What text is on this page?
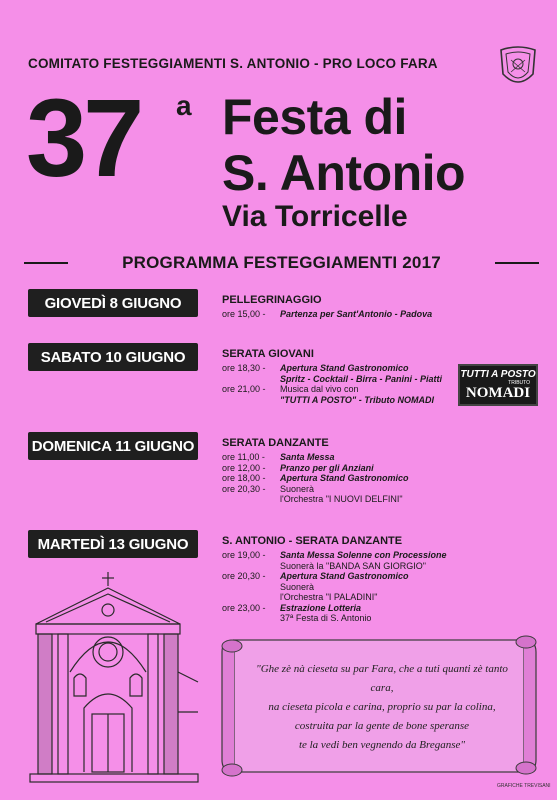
COMITATO FESTEGGIAMENTI S. ANTONIO - PRO LOCO FARA
37 a Festa di
S. Antonio
Via Torricelle
PROGRAMMA FESTEGGIAMENTI 2017
GIOVEDÌ 8 GIUGNO	PELLEGRINAGGIO
ore 15,00 -	Partenza per Sant'Antonio - Padova
SABATO 10 GIUGNO	SERATA GIOVANI
ore 18,30 -	Apertura Stand Gastronomico
Spritz - Cocktail - Birra - Panini - Piatti
ore 21,00 -	Musica dal vivo con
"TUTTI A POSTO" - Tributo NOMADI
TUTTI A POSTO
TRIBUTO
NOMADI
DOMENICA 11 GIUGNO	SERATA DANZANTE
ore 11,00 -	Santa Messa
ore 12,00 -	Pranzo per gli Anziani
ore 18,00 -	Apertura Stand Gastronomico
ore 20,30 -	Suonerà
l'Orchestra "I NUOVI DELFINI"
MARTEDÌ 13 GIUGNO	S. ANTONIO - SERATA DANZANTE
ore 19,00 -	Santa Messa Solenne con Processione
Suonerà la "BANDA SAN GIORGIO"
ore 20,30 -	Apertura Stand Gastronomico
Suonerà
l'Orchestra "I PALADINI"
ore 23,00 -	Estrazione Lotteria
37ª Festa di S. Antonio
"Ghe zè nà cieseta su par Fara, che a tuti quanti zè tanto cara,
na cieseta picola e carina, proprio su par la colina,
costruita par la gente de bone speranse
te la vedi ben vegnendo da Breganse"
GRAFICHE TREVISANI
